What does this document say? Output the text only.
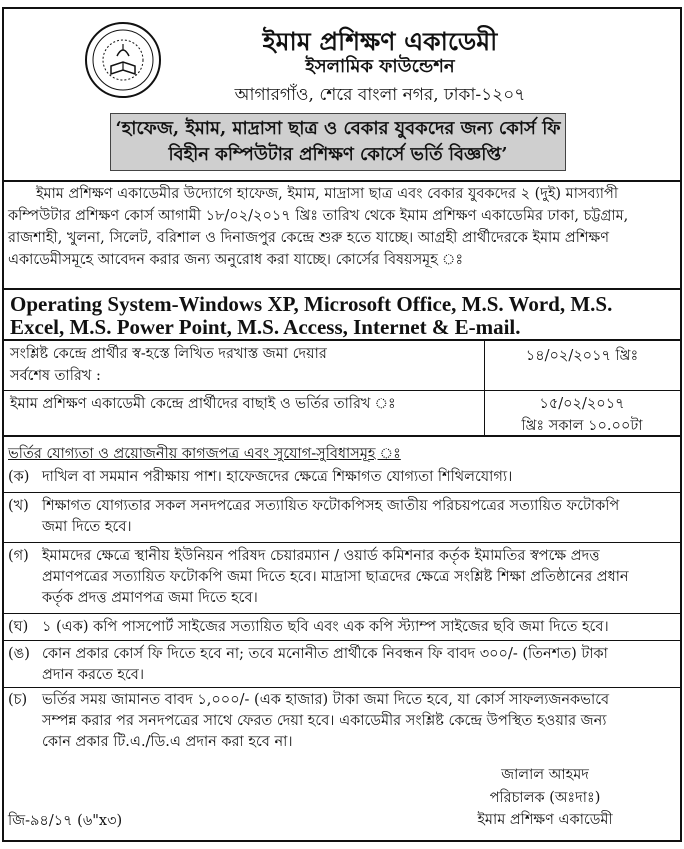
ইমাম প্রশিক্ষণ একাডেমী
ইসলামিক ফাউন্ডেশন
আগারগাঁও, শেরে বাংলা নগর, ঢাকা-১২০৭
‘হাফেজ, ইমাম, মাদ্রাসা ছাত্র ও বেকার যুবকদের জন্য কোর্স ফি
বিহীন কম্পিউটার প্রশিক্ষণ কোর্সে ভর্তি বিজ্ঞপ্তি’
ইমাম প্রশিক্ষণ একাডেমীর উদ্যোগে হাফেজ, ইমাম, মাদ্রাসা ছাত্র এবং বেকার যুবকদের ২ (দুই) মাসব্যাপী
কম্পিউটার প্রশিক্ষণ কোর্স আগামী ১৮/০২/২০১৭ খ্রিঃ তারিখ থেকে ইমাম প্রশিক্ষণ একাডেমির ঢাকা, চট্টগ্রাম,
রাজশাহী, খুলনা, সিলেট, বরিশাল ও দিনাজপুর কেন্দ্রে শুরু হতে যাচ্ছে। আগ্রহী প্রার্থীদেরকে ইমাম প্রশিক্ষণ
একাডেমীসমূহে আবেদন করার জন্য অনুরোধ করা যাচ্ছে। কোর্সের বিষয়সমূহ ঃ
Operating System-Windows XP, Microsoft Office, M.S. Word, M.S.
Excel, M.S. Power Point, M.S. Access, Internet & E-mail.
সংশ্লিষ্ট কেন্দ্রে প্রার্থীর স্ব-হস্তে লিখিত দরখাস্ত জমা দেয়ার
সর্বশেষ তারিখ :
১৪/০২/২০১৭ খ্রিঃ
ইমাম প্রশিক্ষণ একাডেমী কেন্দ্রে প্রার্থীদের বাছাই ও ভর্তির তারিখ ঃ	১৫/০২/২০১৭
খ্রিঃ সকাল ১০.০০টা
ভর্তির যোগ্যতা ও প্রয়োজনীয় কাগজপত্র এবং সুযোগ-সুবিধাসমূহ ঃ
(ক) দাখিল বা সমমান পরীক্ষায় পাশ। হাফেজদের ক্ষেত্রে শিক্ষাগত যোগ্যতা শিথিলযোগ্য।
(খ) শিক্ষাগত যোগ্যতার সকল সনদপত্রের সত্যায়িত ফটোকপিসহ জাতীয় পরিচয়পত্রের সত্যায়িত ফটোকপি
জমা দিতে হবে।
(গ) ইমামদের ক্ষেত্রে স্থানীয় ইউনিয়ন পরিষদ চেয়ারম্যান / ওয়ার্ড কমিশনার কর্তৃক ইমামতির স্বপক্ষে প্রদত্ত
প্রমাণপত্রের সত্যায়িত ফটোকপি জমা দিতে হবে। মাদ্রাসা ছাত্রদের ক্ষেত্রে সংশ্লিষ্ট শিক্ষা প্রতিষ্ঠানের প্রধান
কর্তৃক প্রদত্ত প্রমাণপত্র জমা দিতে হবে।
(ঘ) ১ (এক) কপি পাসপোর্ট সাইজের সত্যায়িত ছবি এবং এক কপি স্ট্যাম্প সাইজের ছবি জমা দিতে হবে।
(ঙ) কোন প্রকার কোর্স ফি দিতে হবে না; তবে মনোনীত প্রার্থীকে নিবন্ধন ফি বাবদ ৩০০/- (তিনশত) টাকা
প্রদান করতে হবে।
(চ)	ভর্তির সময় জামানত বাবদ ১,০০০/- (এক হাজার) টাকা জমা দিতে হবে, যা কোর্স সাফল্যজনকভাবে
সম্পন্ন করার পর সনদপত্রের সাথে ফেরত দেয়া হবে। একাডেমীর সংশ্লিষ্ট কেন্দ্রে উপস্থিত হওয়ার জন্য
কোন প্রকার টি.এ./ডি.এ প্রদান করা হবে না।
জালাল আহমদ
পরিচালক (অঃদাঃ)
ইমাম প্রশিক্ষণ একাডেমী
জি-৯৪/১৭ (৬"x৩)
